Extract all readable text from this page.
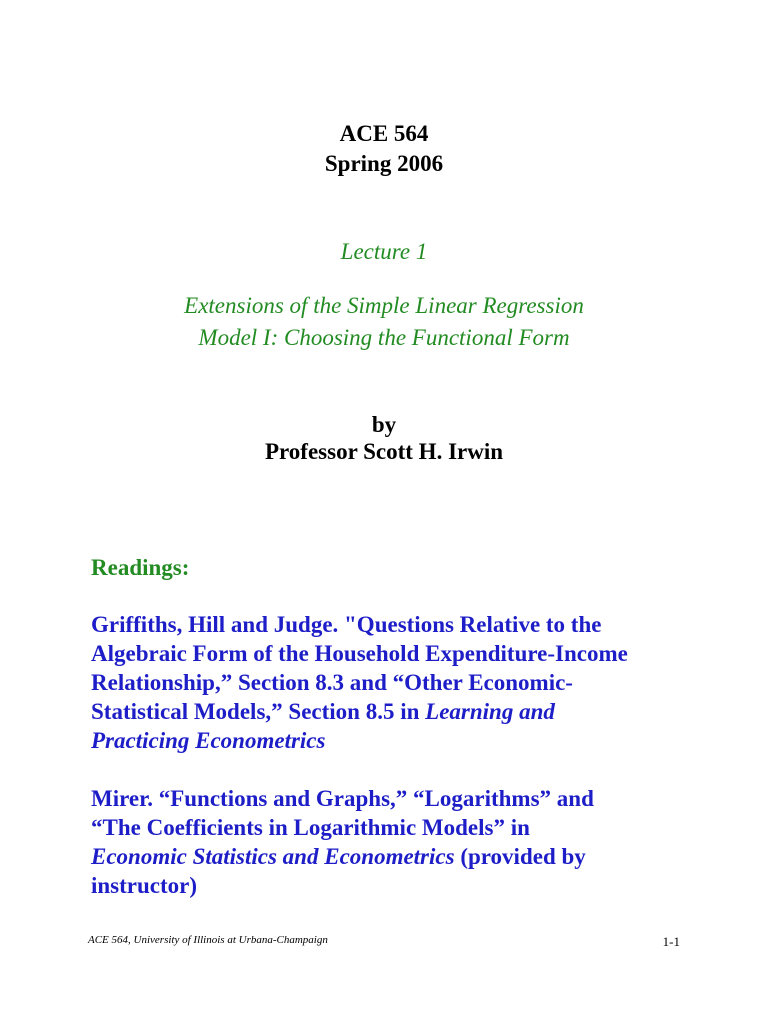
ACE 564

Spring 2006

Lecture 1

Extensions of the Simple Linear Regression

Model I: Choosing the Functional Form

by

Professor Scott H. Irwin

Readings:

Griffiths, Hill and Judge. "Questions Relative to the

Algebraic Form of the Household Expenditure-Income

Relationship,” Section 8.3 and “Other Economic-

Statistical Models,” Section 8.5 in Learning and

Practicing Econometrics

Mirer. “Functions and Graphs,” “Logarithms” and

“The Coefficients in Logarithmic Models” in

Economic Statistics and Econometrics (provided by

instructor)

ACE 564, University of Illinois at Urbana-Champaign	1-1
